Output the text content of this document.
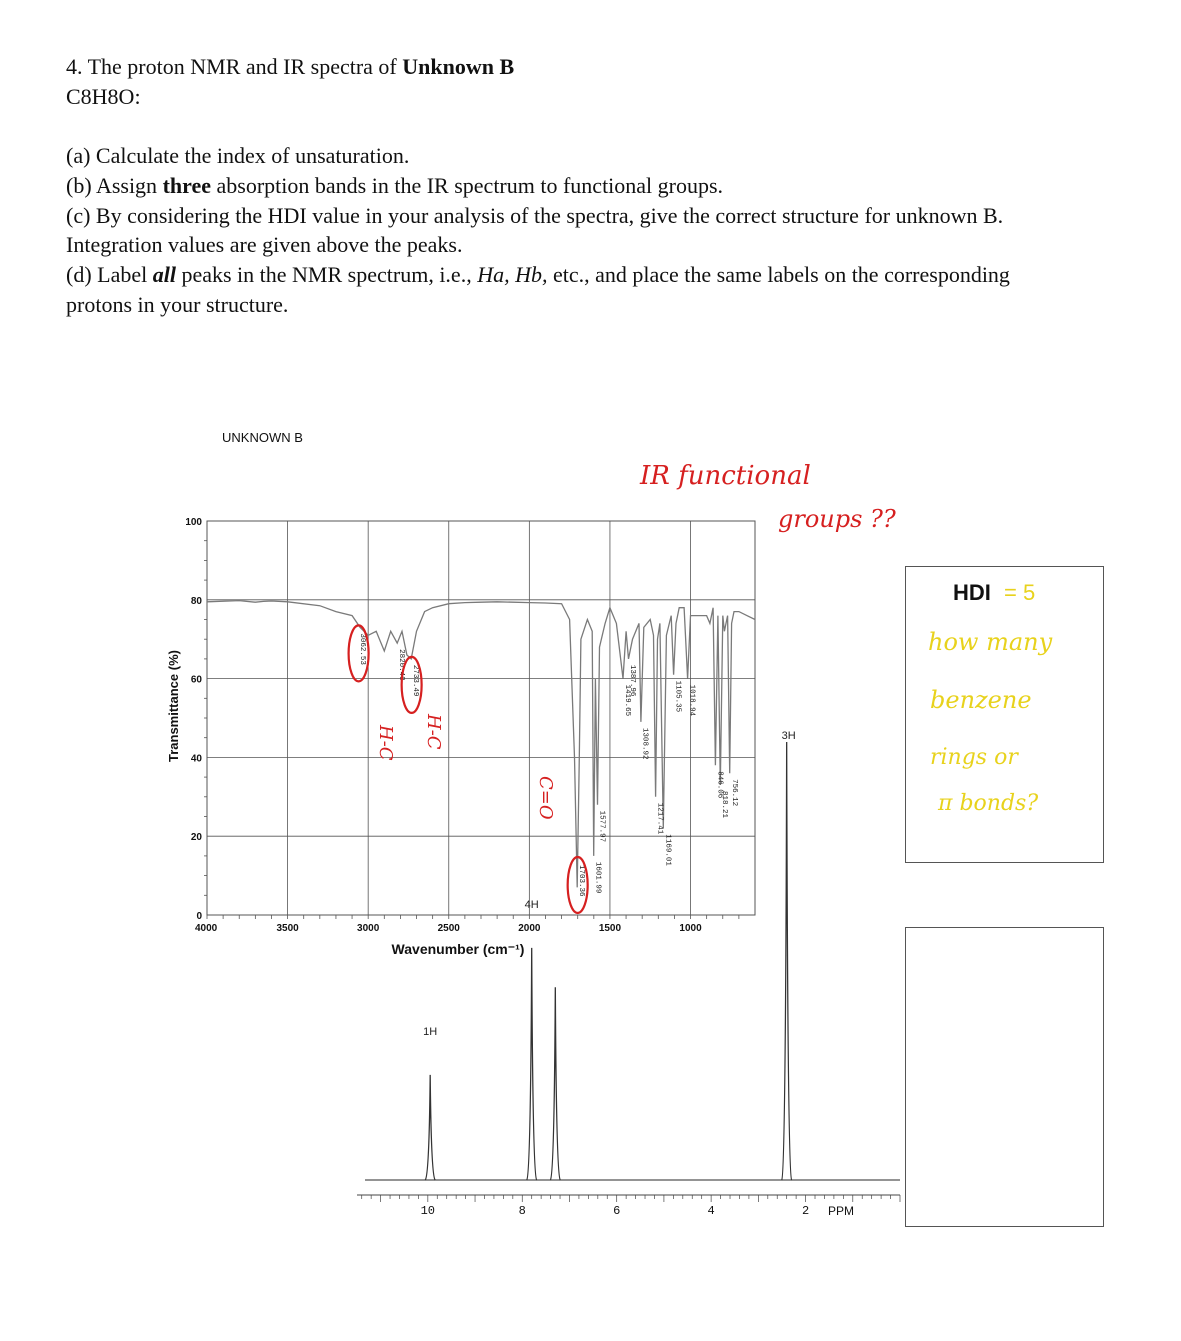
4. The proton NMR and IR spectra of Unknown B
C8H8O:
(a) Calculate the index of unsaturation.
(b) Assign three absorption bands in the IR spectrum to functional groups.
(c) By considering the HDI value in your analysis of the spectra, give the correct structure for unknown B.
Integration values are given above the peaks.
(d) Label all peaks in the NMR spectrum, i.e., Ha, Hb, etc., and place the same labels on the corresponding
protons in your structure.
0
20
40
60
80
100
4000	3500	3000	2500	2000	1500	1000
3062.53
2820.48
2733.49
1703.36 1601.99
1577.97
1419.65
1308.92
1387.96
1217.41
1169.01
1105.35 1018.94
846.06
818.21 756.12
UNKNOWN B
Wavenumber (cm⁻¹)
Transmittance (%)
IR functional
groups ??
H-C H-C
C=O
HDI = 5
how many
benzene
rings or
π bonds?
10	8	6	4	2
1H
4H
3H
PPM
